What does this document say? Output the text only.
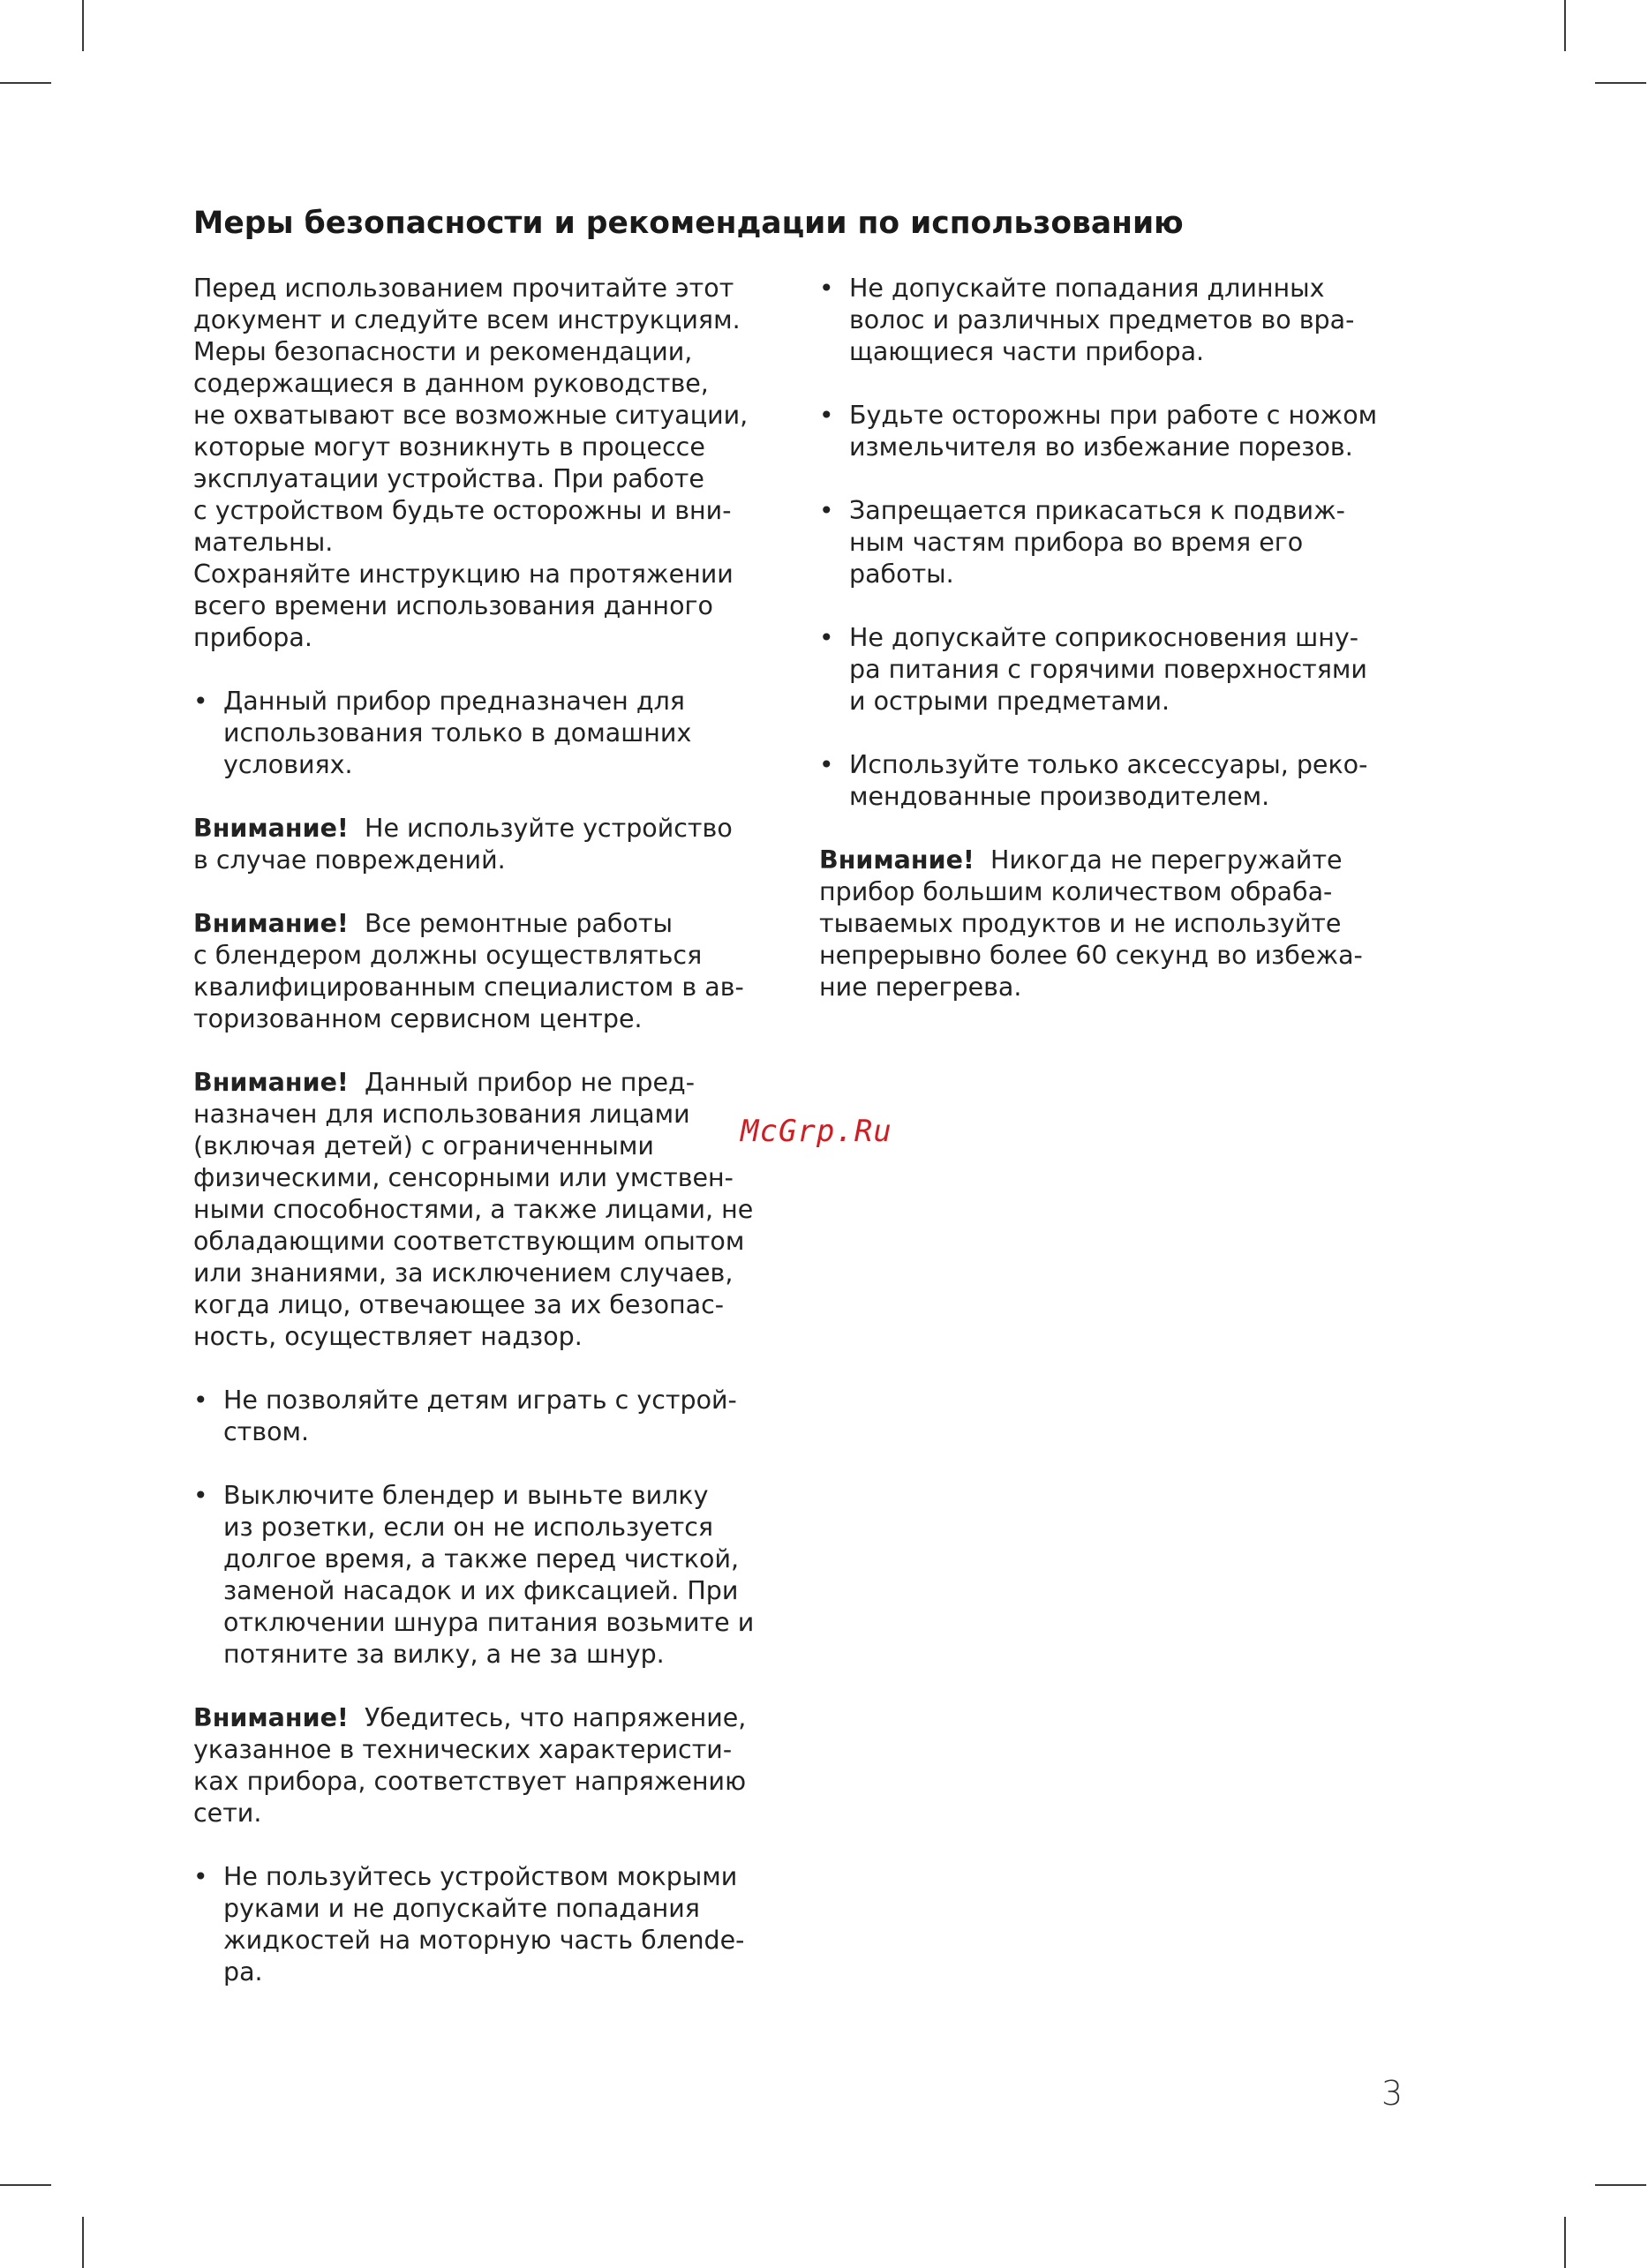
Меры безопасности и рекомендации по использованию
Перед использованием прочитайте этот
документ и следуйте всем инструкциям.
Меры безопасности и рекомендации,
содержащиеся в данном руководстве,
не охватывают все возможные ситуации,
которые могут возникнуть в процессе
эксплуатации устройства. При работе
с устройством будьте осторожны и вни-
мательны.
Сохраняйте инструкцию на протяжении
всего времени использования данного
прибора.
• Данный прибор предназначен для
использования только в домашних
условиях.
Внимание! Не используйте устройство
в случае повреждений.
Внимание! Все ремонтные работы
с блендером должны осуществляться
квалифицированным специалистом в ав-
торизованном сервисном центре.
Внимание! Данный прибор не пред-
назначен для использования лицами
(включая детей) с ограниченными
физическими, сенсорными или умствен-
ными способностями, а также лицами, не
обладающими соответствующим опытом
или знаниями, за исключением случаев,
когда лицо, отвечающее за их безопас-
ность, осуществляет надзор.
• Не позволяйте детям играть с устрой-
ством.
• Выключите блендер и выньте вилку
из розетки, если он не используется
долгое время, а также перед чисткой,
заменой насадок и их фиксацией. При
отключении шнура питания возьмите и
потяните за вилку, а не за шнур.
Внимание! Убедитесь, что напряжение,
указанное в технических характеристи-
ках прибора, соответствует напряжению
сети.
• Не пользуйтесь устройством мокрыми
руками и не допускайте попадания
жидкостей на моторную часть блende-
ра.
• Не допускайте попадания длинных
волос и различных предметов во вра-
щающиеся части прибора.
• Будьте осторожны при работе с ножом
измельчителя во избежание порезов.
• Запрещается прикасаться к подвиж-
ным частям прибора во время его
работы.
• Не допускайте соприкосновения шну-
ра питания с горячими поверхностями
и острыми предметами.
• Используйте только аксессуары, реко-
мендованные производителем.
Внимание! Никогда не перегружайте
прибор большим количеством обраба-
тываемых продуктов и не используйте
непрерывно более 60 секунд во избежа-
ние перегрева.
McGrp.Ru
3
